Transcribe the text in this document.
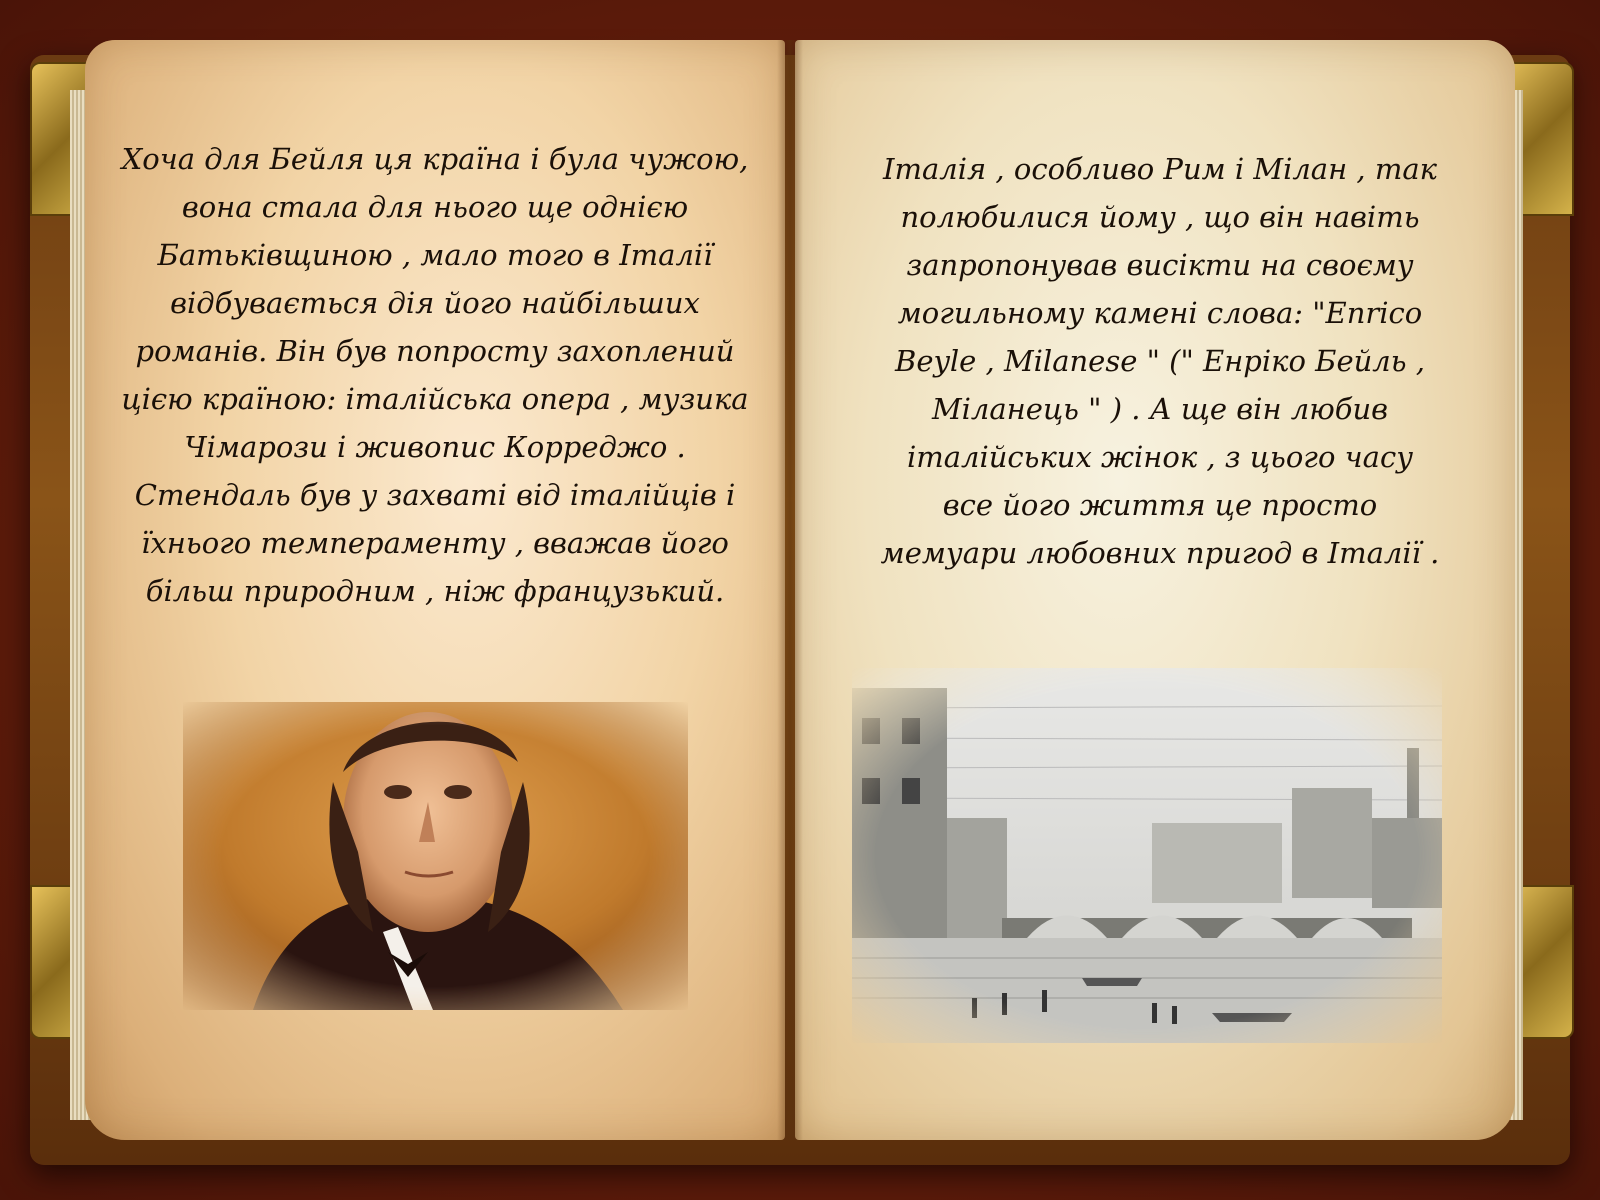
Хоча для Бейля ця країна і була чужою, вона стала для нього ще однією Батьківщиною , мало того в Італії відбувається дія його найбільших романів. Він був попросту захоплений цією країною: італійська опера , музика Чімарози і живопис Корреджо . Стендаль був у захваті від італійців і їхнього темпераменту , вважав його більш природним , ніж французький.

Італія , особливо Рим і Мілан , так полюбилися йому , що він навіть запропонував висікти на своєму могильному камені слова: "Enrico Beyle , Milanese " (" Енріко Бейль , Міланець " ) . А ще він любив італійських жінок , з цього часу все його життя це просто мемуари любовних пригод в Італії .
